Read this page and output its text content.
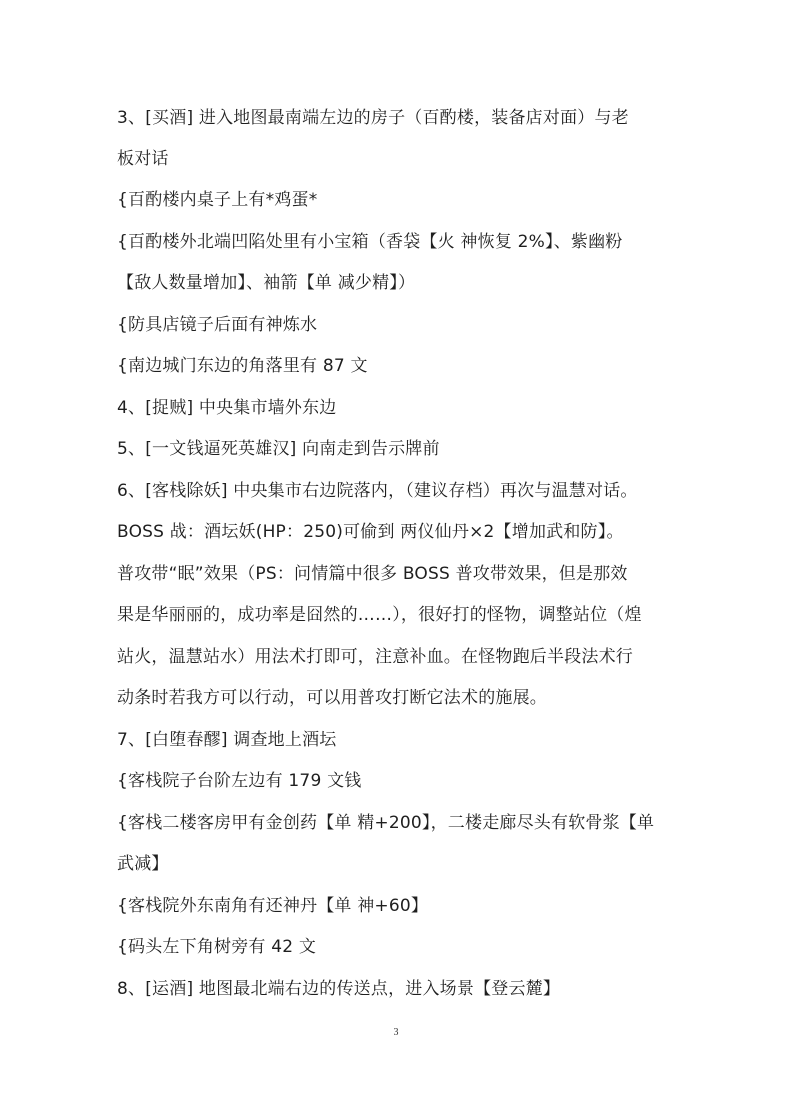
3、[买酒] 进入地图最南端左边的房子（百酌楼，装备店对面）与老
板对话
{百酌楼内桌子上有*鸡蛋*
{百酌楼外北端凹陷处里有小宝箱（香袋【火 神恢复 2%】、紫幽粉
【敌人数量增加】、袖箭【单 减少精】）
{防具店镜子后面有神炼水
{南边城门东边的角落里有 87 文
4、[捉贼] 中央集市墙外东边
5、[一文钱逼死英雄汉] 向南走到告示牌前
6、[客栈除妖] 中央集市右边院落内，（建议存档）再次与温慧对话。
BOSS 战：酒坛妖(HP：250)可偷到 两仪仙丹×2【增加武和防】。
普攻带“眠”效果（PS：问情篇中很多 BOSS 普攻带效果，但是那效
果是华丽丽的，成功率是囧然的……），很好打的怪物，调整站位（煌
站火，温慧站水）用法术打即可，注意补血。在怪物跑后半段法术行
动条时若我方可以行动，可以用普攻打断它法术的施展。
7、[白堕春醪] 调查地上酒坛
{客栈院子台阶左边有 179 文钱
{客栈二楼客房甲有金创药【单 精+200】，二楼走廊尽头有软骨浆【单
武减】
{客栈院外东南角有还神丹【单 神+60】
{码头左下角树旁有 42 文
8、[运酒] 地图最北端右边的传送点，进入场景【登云麓】
3
